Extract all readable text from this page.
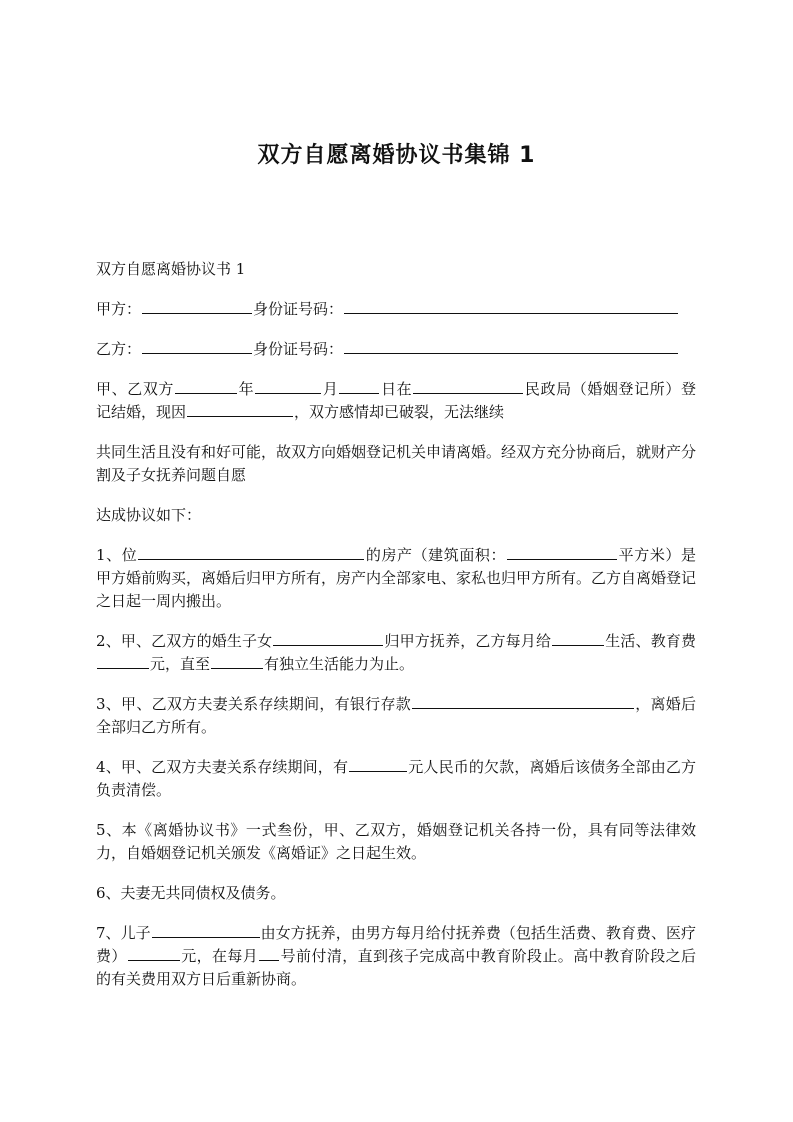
双方自愿离婚协议书集锦 1

双方自愿离婚协议书 1

甲方：	身份证号码：

乙方：	身份证号码：

甲、乙双方	年	月	日在	民政局（婚姻登记所）登记结婚，现因	，双方感情却已破裂，无法继续

共同生活且没有和好可能，故双方向婚姻登记机关申请离婚。经双方充分协商后，就财产分割及子女抚养问题自愿

达成协议如下：

1、位	的房产（建筑面积：	平方米）是甲方婚前购买，离婚后归甲方所有，房产内全部家电、家私也归甲方所有。乙方自离婚登记之日起一周内搬出。

2、甲、乙双方的婚生子女	归甲方抚养，乙方每月给	生活、教育费元，直至	有独立生活能力为止。

3、甲、乙双方夫妻关系存续期间，有银行存款	，离婚后全部归乙方所有。

4、甲、乙双方夫妻关系存续期间，有	元人民币的欠款，离婚后该债务全部由乙方负责清偿。

5、本《离婚协议书》一式叁份，甲、乙双方，婚姻登记机关各持一份，具有同等法律效力，自婚姻登记机关颁发《离婚证》之日起生效。

6、夫妻无共同债权及债务。

7、儿子	由女方抚养，由男方每月给付抚养费（包括生活费、教育费、医疗费）	元，在每月 号前付清，直到孩子完成高中教育阶段止。高中教育阶段之后的有关费用双方日后重新协商。
